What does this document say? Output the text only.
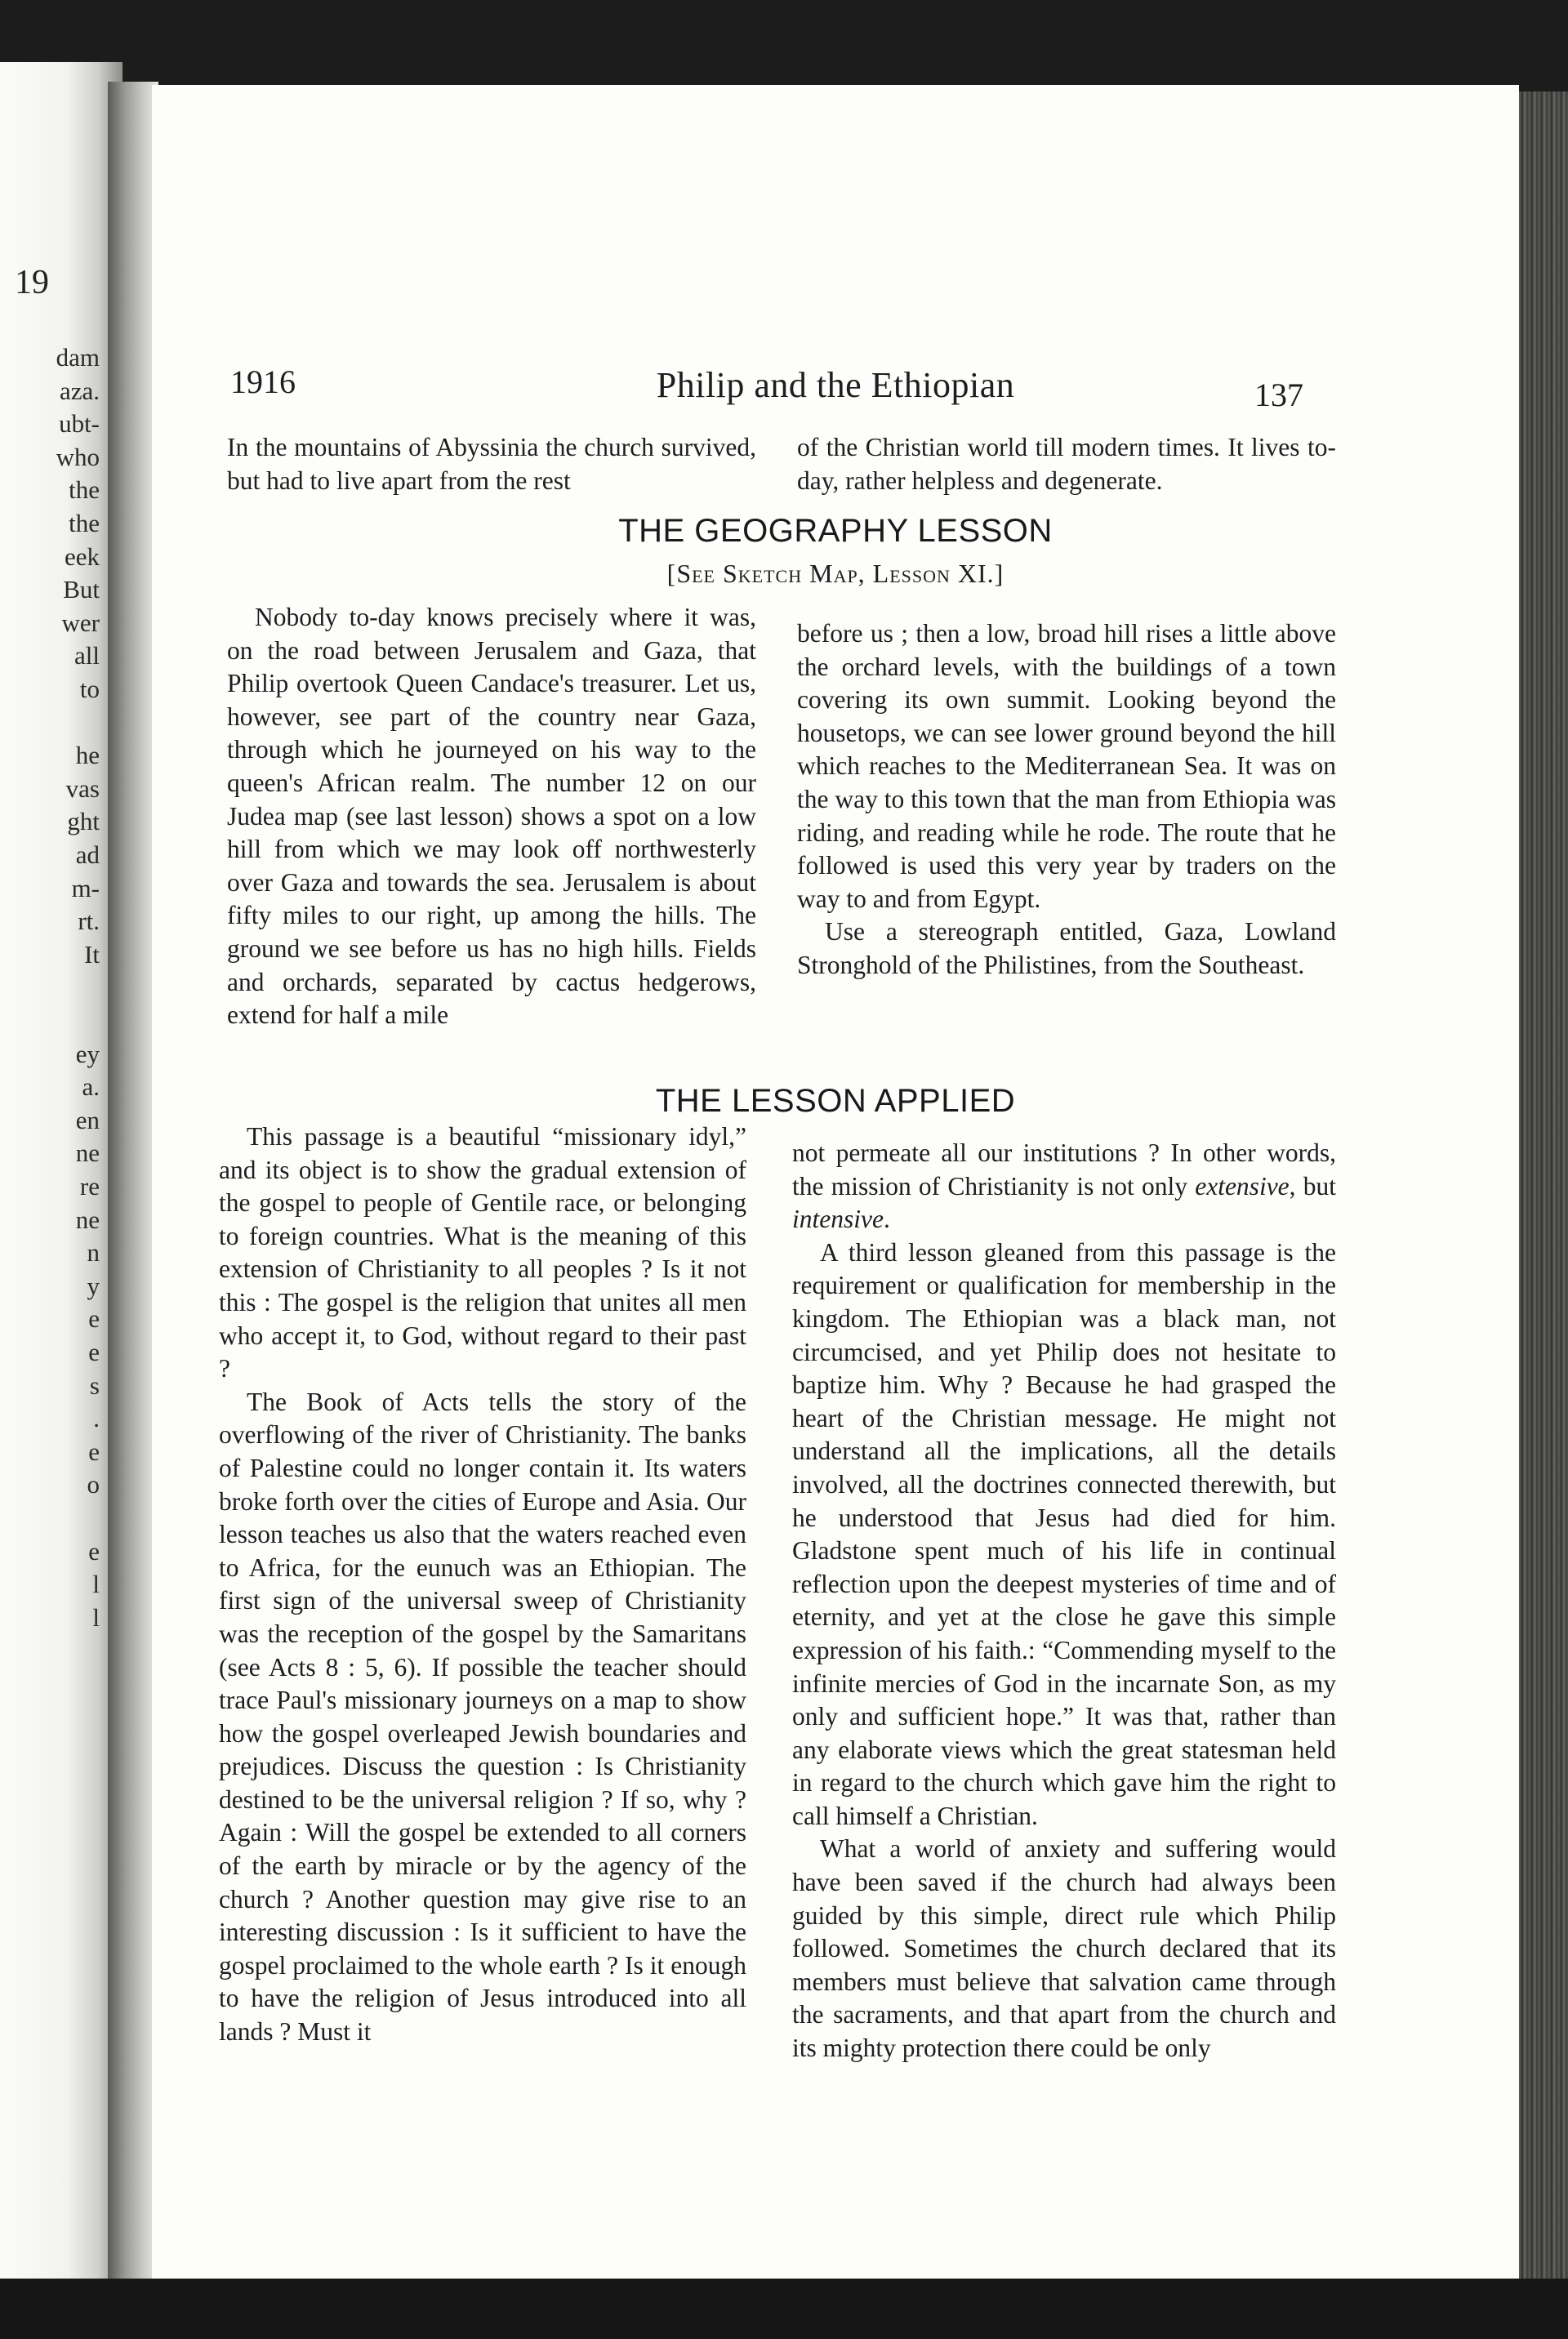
19
dam
aza.
ubt-
who
the
the
eek
But
wer
all
to
he
vas
ght
ad
m-
rt.
It
ey
a.
en
ne
re
ne
n
y
e
e
s
.
e
o
e
l
l
1916	Philip and the Ethiopian	137

In the mountains of Abyssinia the church survived, but had to live apart from the rest

of the Christian world till modern times. It lives to-day, rather helpless and degenerate.

THE GEOGRAPHY LESSON
[See Sketch Map, Lesson XI.]

Nobody to-day knows precisely where it was, on the road between Jerusalem and Gaza, that Philip overtook Queen Candace's treasurer. Let us, however, see part of the country near Gaza, through which he journeyed on his way to the queen's African realm. The number 12 on our Judea map (see last lesson) shows a spot on a low hill from which we may look off northwesterly over Gaza and towards the sea. Jerusalem is about fifty miles to our right, up among the hills. The ground we see before us has no high hills. Fields and orchards, separated by cactus hedgerows, extend for half a mile

before us ; then a low, broad hill rises a little above the orchard levels, with the buildings of a town covering its own summit. Looking beyond the housetops, we can see lower ground beyond the hill which reaches to the Mediterranean Sea. It was on the way to this town that the man from Ethiopia was riding, and reading while he rode. The route that he followed is used this very year by traders on the way to and from Egypt.

Use a stereograph entitled, Gaza, Lowland Stronghold of the Philistines, from the Southeast.

THE LESSON APPLIED

This passage is a beautiful “missionary idyl,” and its object is to show the gradual extension of the gospel to people of Gentile race, or belonging to foreign countries. What is the meaning of this extension of Christianity to all peoples ? Is it not this : The gospel is the religion that unites all men who accept it, to God, without regard to their past ?

The Book of Acts tells the story of the overflowing of the river of Christianity. The banks of Palestine could no longer contain it. Its waters broke forth over the cities of Europe and Asia. Our lesson teaches us also that the waters reached even to Africa, for the eunuch was an Ethiopian. The first sign of the universal sweep of Christianity was the reception of the gospel by the Samaritans (see Acts 8 : 5, 6). If possible the teacher should trace Paul's missionary journeys on a map to show how the gospel overleaped Jewish boundaries and prejudices. Discuss the question : Is Christianity destined to be the universal religion ? If so, why ? Again : Will the gospel be extended to all corners of the earth by miracle or by the agency of the church ? Another question may give rise to an interesting discussion : Is it sufficient to have the gospel proclaimed to the whole earth ? Is it enough to have the religion of Jesus introduced into all lands ? Must it

not permeate all our institutions ? In other words, the mission of Christianity is not only extensive, but intensive.

A third lesson gleaned from this passage is the requirement or qualification for membership in the kingdom. The Ethiopian was a black man, not circumcised, and yet Philip does not hesitate to baptize him. Why ? Because he had grasped the heart of the Christian message. He might not understand all the implications, all the details involved, all the doctrines connected therewith, but he understood that Jesus had died for him. Gladstone spent much of his life in continual reflection upon the deepest mysteries of time and of eternity, and yet at the close he gave this simple expression of his faith.: “Commending myself to the infinite mercies of God in the incarnate Son, as my only and sufficient hope.” It was that, rather than any elaborate views which the great statesman held in regard to the church which gave him the right to call himself a Christian.

What a world of anxiety and suffering would have been saved if the church had always been guided by this simple, direct rule which Philip followed. Sometimes the church declared that its members must believe that salvation came through the sacraments, and that apart from the church and its mighty protection there could be only
